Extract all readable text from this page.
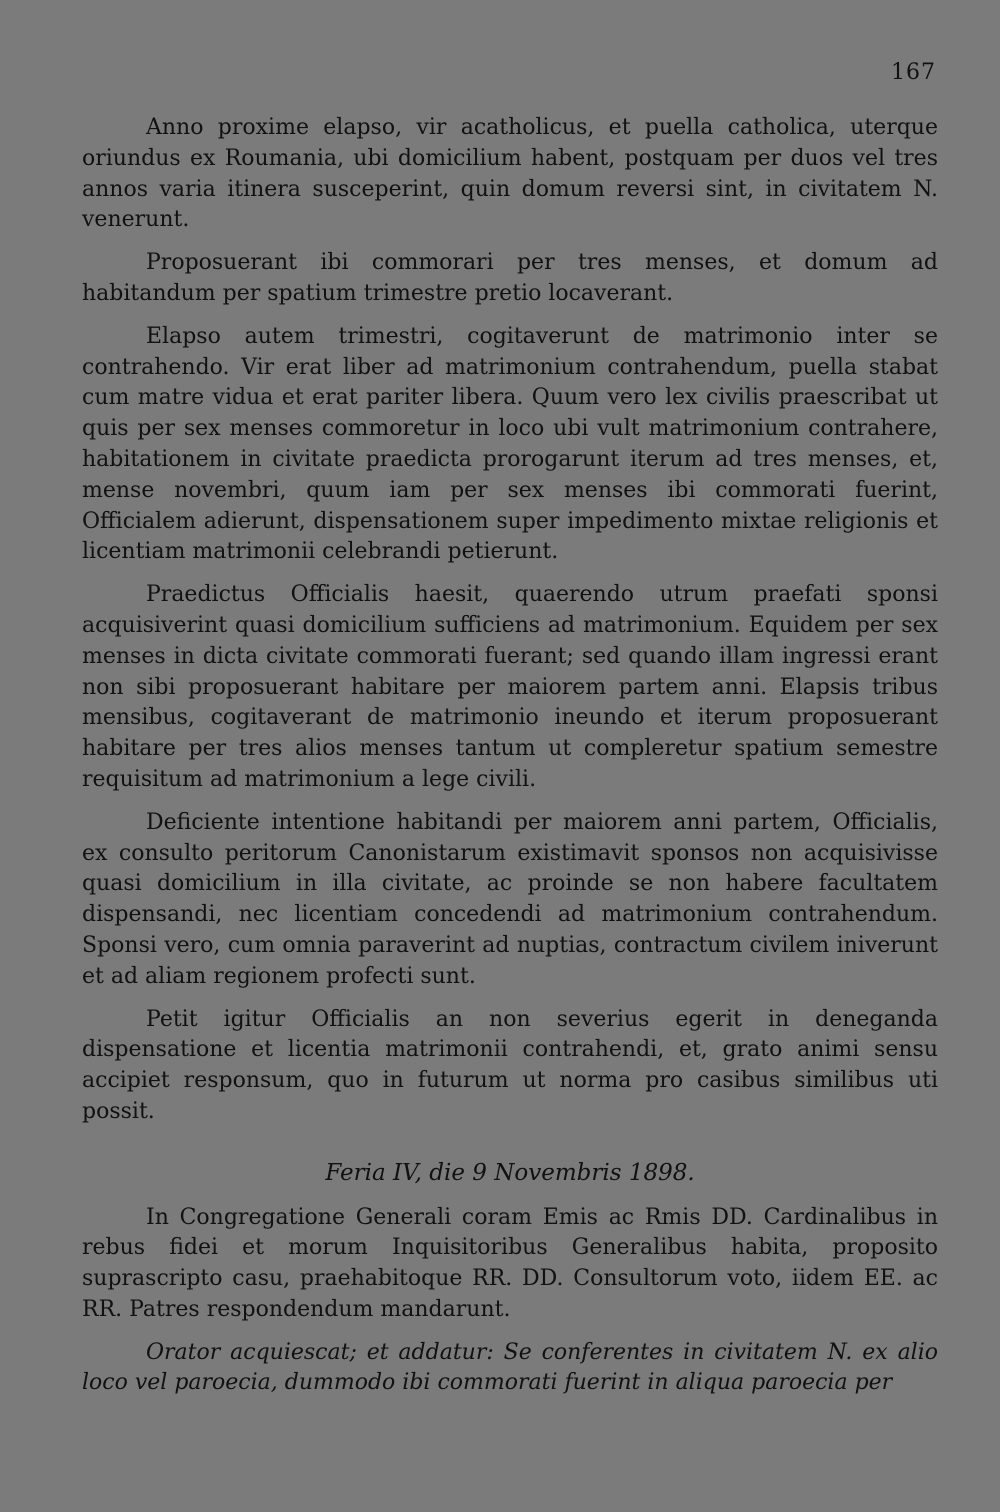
167

Anno proxime elapso, vir acatholicus, et puella catholica, uterque oriundus ex Roumania, ubi domicilium habent, postquam per duos vel tres annos varia itinera susceperint, quin domum reversi sint, in civitatem N. venerunt.

Proposuerant ibi commorari per tres menses, et domum ad habitandum per spatium trimestre pretio locaverant.

Elapso autem trimestri, cogitaverunt de matrimonio inter se contrahendo. Vir erat liber ad matrimonium contrahendum, puella stabat cum matre vidua et erat pariter libera. Quum vero lex civilis praescribat ut quis per sex menses commoretur in loco ubi vult matrimonium contrahere, habitationem in civitate praedicta prorogarunt iterum ad tres menses, et, mense novembri, quum iam per sex menses ibi commorati fuerint, Officialem adierunt, dispensationem super impedimento mixtae religionis et licentiam matrimonii celebrandi petierunt.

Praedictus Officialis haesit, quaerendo utrum praefati sponsi acquisiverint quasi domicilium sufficiens ad matrimonium. Equidem per sex menses in dicta civitate commorati fuerant; sed quando illam ingressi erant non sibi proposuerant habitare per maiorem partem anni. Elapsis tribus mensibus, cogitaverant de matrimonio ineundo et iterum proposuerant habitare per tres alios menses tantum ut compleretur spatium semestre requisitum ad matrimonium a lege civili.

Deficiente intentione habitandi per maiorem anni partem, Officialis, ex consulto peritorum Canonistarum existimavit sponsos non acquisivisse quasi domicilium in illa civitate, ac proinde se non habere facultatem dispensandi, nec licentiam concedendi ad matrimonium contrahendum. Sponsi vero, cum omnia paraverint ad nuptias, contractum civilem iniverunt et ad aliam regionem profecti sunt.

Petit igitur Officialis an non severius egerit in deneganda dispensatione et licentia matrimonii contrahendi, et, grato animi sensu accipiet responsum, quo in futurum ut norma pro casibus similibus uti possit.

Feria IV, die 9 Novembris 1898.

In Congregatione Generali coram Emis ac Rmis DD. Cardinalibus in rebus fidei et morum Inquisitoribus Generalibus habita, proposito suprascripto casu, praehabitoque RR. DD. Consultorum voto, iidem EE. ac RR. Patres respondendum mandarunt.

Orator acquiescat; et addatur: Se conferentes in civitatem N. ex alio loco vel paroecia, dummodo ibi commorati fuerint in aliqua paroecia per
